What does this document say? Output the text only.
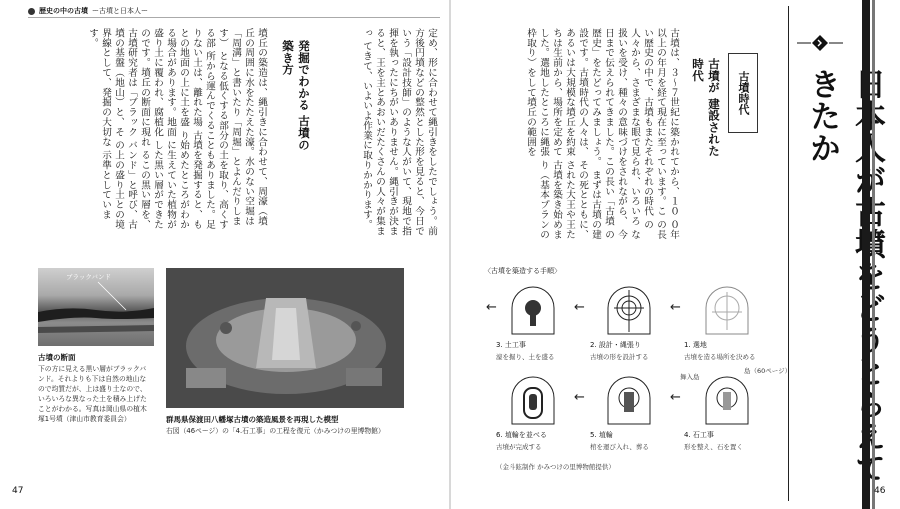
歴史の中の古墳 ー古墳と日本人ー
定め、形に合わせて縄引きをしたでしょう。前 方後円墳などの整然とした形を見ると、今日で いう「設計技師」のような人がいて、現地で指 揮を執ったにちがいありません。縄引きが決ま ると、王を主とあおいだたくさんの人々が集まっ てきて、いよいよ作業に取りかかります。
発掘でわかる 古墳の築き方
墳丘の築造は、縄引きに合わせて、周濠（墳 丘の周囲に水をたたえた濠。水のない空堀は 「周溝」と書いたり「周堀」とよんだりします） となる低くする部分の土を取り、高くする部 所から運んでくることもありました。足りない土は、離れた場 古墳を発掘すると、もとの地面の上に土を盛 り始めたところがわかる場合があります。地面 に生えていた植物が盛り土に覆われ、腐植化 した黒い層ができたのです。墳丘の断面に現れ るこの黒い層を、古墳研究者は「ブラック バンド」と呼び、古墳の基盤（地山）と、そ の上の盛り土との境界線として、発掘の大切な 示準としています。
ブラックバンド
古墳の断面
下の方に見える黒い層がブラックバ
ンド。それよりも下は自然の地山な
ので均質だが、上は盛り土なので、
いろいろな異なった土を積み上げた
ことがわかる。写真は岡山県の植木
塚1号墳（津山市教育委員会）	群馬県保渡田八幡塚古墳の築造風景を再現した模型
右図（46ページ）の「4.石工事」の工程を復元（かみつけの里博物館）
47
きたか
古墳時代
古墳が 建設された時代
古墳は、３〜７世紀に築かれてから、１０ ０年以上の年月を経て現在に至っています。こ の長い歴史の中で、古墳もまたそれぞれの時代 の人々から、さまざまな眼で見られ、いろいろ な扱いを受け、種々の意味づけをされながら、 今日まで伝えられてきました。この長い「古墳 の歴史」をたどってみましょう。 まずは古墳の建設です。古墳時代の人々は、 その死とともに、あるいは大規模な墳丘を約束 された大王や王たちは生前から、場所を定めて 古墳を築き始めました。選地したところに縄張 り（基本プランの枠取り）をして墳丘の範囲を
〈古墳を築造する手順〉
←	←	←
3. 土工事
濠を掘り、土を盛る
2. 設計・縄張り
古墳の形を設計する
1. 選地
古墳を造る場所を決める
←	←
舞入島
島（60ページ）
6. 埴輪を並べる
古墳が完成する
5. 埴輪
棺を運び入れ、葬る
4. 石工事
形を整え、石を置く
（金斗鉉制作 かみつけの里博物館提供）
46
